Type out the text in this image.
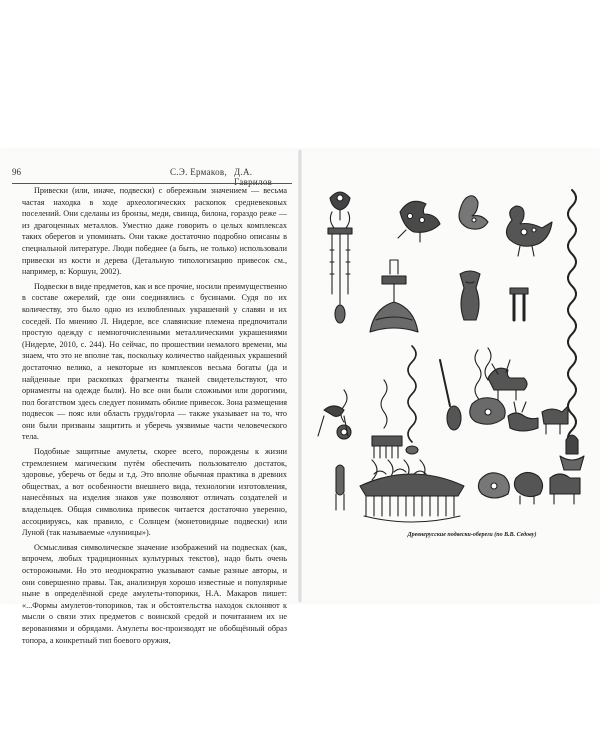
96	С.Э. Ермаков, Д.А. Гаврилов

Привески (или, иначе, подвески) с обережным значением — весьма частая находка в ходе археологических раскопок средневековых поселений. Они сделаны из бронзы, меди, свинца, билона, гораздо реже — из драгоценных металлов. Уместно даже говорить о целых комплексах таких оберегов и упоминать. Они также достаточно подробно описаны в специальной литературе. Люди победнее (а быть, не только) использовали привески из кости и дерева (Детальную типологизацию привесок см., например, в: Коршун, 2002).

Подвески в виде предметов, как и все прочие, носили преимущественно в составе ожерелий, где они соединялись с бусинами. Судя по их количеству, это было одно из излюбленных украшений у славян и их соседей. По мнению Л. Нидерле, все славянские племена предпочитали простую одежду с немногочисленными металлическими украшениями (Нидерле, 2010, с. 244). Но сейчас, по прошествии немалого времени, мы знаем, что это не вполне так, поскольку количество найденных украшений достаточно велико, а некоторые из комплексов весьма богаты (да и найденные при раскопках фрагменты тканей свидетельствуют, что орнаменты на одежде были). Но все они были сложными или дорогими, пол богатством здесь следует понимать обилие привесок. Зона размещения подвесок — пояс или область груди/горла — также указывает на то, что они были призваны защитить и уберечь уязвимые части человеческого тела.

Подобные защитные амулеты, скорее всего, порождены к жизни стремлением магическим путём обеспечить пользователю достаток, здоровье, уберечь от беды и т.д. Это вполне обычная практика в древних обществах, а вот особенности внешнего вида, технологии изготовления, нанесённых на изделия знаков уже позволяют отличать создателей и владельцев. Общая символика привесок читается достаточно уверенно, ассоциируясь, как правило, с Солнцем (монетовидные подвески) или Луной (так называемые «лунницы»).

Осмысливая символическое значение изображений на подвесках (как, впрочем, любых традиционных культурных текстов), надо быть очень осторожными. Но это неоднократно указывают самые разные авторы, и они совершенно правы. Так, анализируя хорошо известные и популярные ныне в определённой среде амулеты-топорики, Н.А. Макаров пишет: «...Формы амулетов-топориков, так и обстоятельства находок склоняют к мысли о связи этих предметов с воинской средой и почитанием их не верованиями и обрядами. Амулеты вос-производят не обобщённый образ топора, а конкретный тип боевого оружия,

Древнерусские подвески-обереги (по В.В. Седову)
